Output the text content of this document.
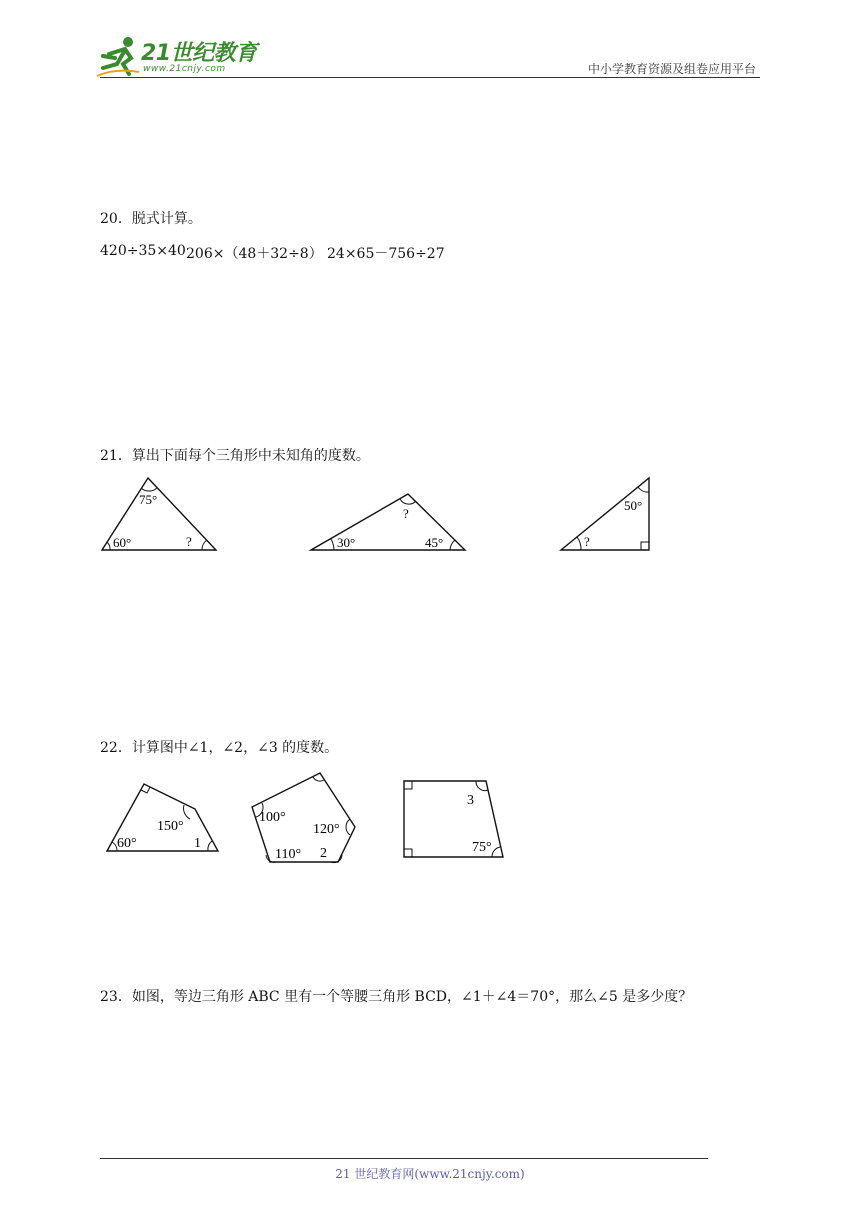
21世纪教育
www.21cnjy.com	中小学教育资源及组卷应用平台
20．脱式计算。
420÷35×40 206×（48＋32÷8） 24×65－756÷27
21．算出下面每个三角形中未知角的度数。
75°
60°	?
?
30°	45°
50°
?
22．计算图中∠1，∠2，∠3 的度数。
150°
60°	1
100°
120°
110° 2
3
75°
23．如图，等边三角形 ABC 里有一个等腰三角形 BCD，∠1＋∠4＝70°，那么∠5 是多少度？
21 世纪教育网(www.21cnjy.com)
